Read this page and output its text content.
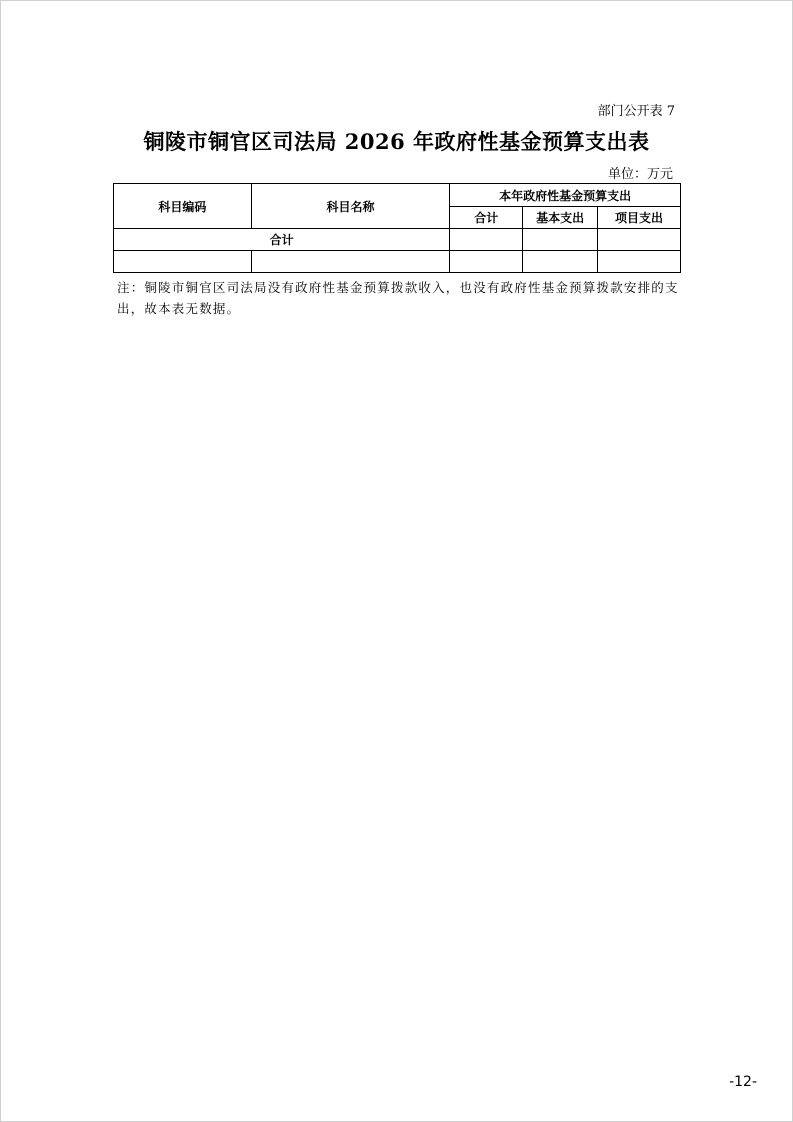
部门公开表 7
铜陵市铜官区司法局 2026 年政府性基金预算支出表
单位：万元
科目编码	科目名称	本年政府性基金预算支出		
		合计	基本支出	项目支出
合计				

注：铜陵市铜官区司法局没有政府性基金预算拨款收入，也没有政府性基金预算拨款安排的支出，故本表无数据。
-12-
